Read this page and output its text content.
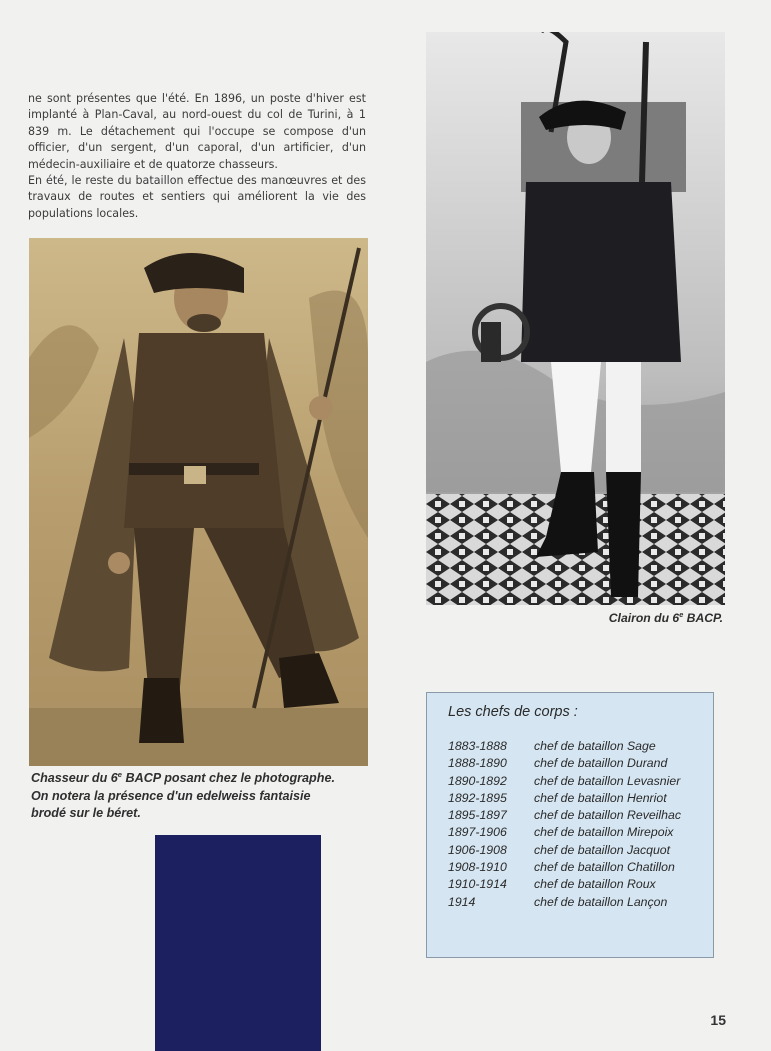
ne sont présentes que l'été. En 1896, un poste d'hiver est implanté à Plan-Caval, au nord-ouest du col de Turini, à 1 839 m. Le détachement qui l'occupe se compose d'un officier, d'un sergent, d'un caporal, d'un artificier, d'un médecin-auxiliaire et de quatorze chasseurs.

En été, le reste du bataillon effectue des manœuvres et des travaux de routes et sentiers qui améliorent la vie des populations locales.

Clairon du 6e BACP.
Chasseur du 6e BACP posant chez le photographe.
On notera la présence d'un edelweiss fantaisie
brodé sur le béret.
Les chefs de corps :
1883-1888	chef de bataillon Sage
1888-1890	chef de bataillon Durand
1890-1892	chef de bataillon Levasnier
1892-1895	chef de bataillon Henriot
1895-1897	chef de bataillon Reveilhac
1897-1906	chef de bataillon Mirepoix
1906-1908	chef de bataillon Jacquot
1908-1910	chef de bataillon Chatillon
1910-1914	chef de bataillon Roux
1914	chef de bataillon Lançon
15
